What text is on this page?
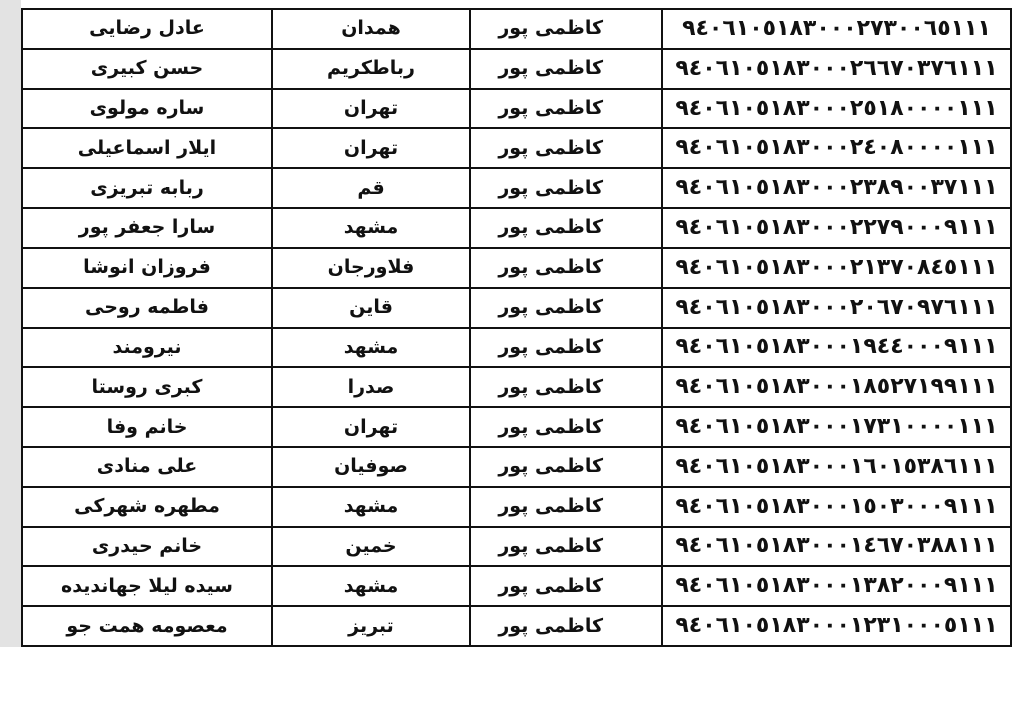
عادل رضایی	همدان	کاظمی پور	۹٤۰٦۱۰٥۱۸۳۰۰۰۲۷۳۰۰٦٥۱۱۱
حسن کبیری	رباطکریم	کاظمی پور	۹٤۰٦۱۰٥۱۸۳۰۰۰۲٦٦۷۰۳۷٦۱۱۱
ساره مولوی	تهران	کاظمی پور	۹٤۰٦۱۰٥۱۸۳۰۰۰۲٥۱۸۰۰۰۰۱۱۱
ایلار اسماعیلی	تهران	کاظمی پور	۹٤۰٦۱۰٥۱۸۳۰۰۰۲٤۰۸۰۰۰۰۱۱۱
ربابه تبریزی	قم	کاظمی پور	۹٤۰٦۱۰٥۱۸۳۰۰۰۲۳۸۹۰۰۳۷۱۱۱
سارا جعفر پور	مشهد	کاظمی پور	۹٤۰٦۱۰٥۱۸۳۰۰۰۲۲۷۹۰۰۰۹۱۱۱
فروزان انوشا	فلاورجان	کاظمی پور	۹٤۰٦۱۰٥۱۸۳۰۰۰۲۱۳۷۰۸٤٥۱۱۱
فاطمه روحی	قاین	کاظمی پور	۹٤۰٦۱۰٥۱۸۳۰۰۰۲۰٦۷۰۹۷٦۱۱۱
نیرومند	مشهد	کاظمی پور	۹٤۰٦۱۰٥۱۸۳۰۰۰۱۹٤٤۰۰۰۹۱۱۱
کبری روستا	صدرا	کاظمی پور	۹٤۰٦۱۰٥۱۸۳۰۰۰۱۸٥۲۷۱۹۹۱۱۱
خانم وفا	تهران	کاظمی پور	۹٤۰٦۱۰٥۱۸۳۰۰۰۱۷۳۱۰۰۰۰۱۱۱
علی منادی	صوفیان	کاظمی پور	۹٤۰٦۱۰٥۱۸۳۰۰۰۱٦۰۱٥۳۸٦۱۱۱
مطهره شهرکی	مشهد	کاظمی پور	۹٤۰٦۱۰٥۱۸۳۰۰۰۱٥۰۳۰۰۰۹۱۱۱
خانم حیدری	خمین	کاظمی پور	۹٤۰٦۱۰٥۱۸۳۰۰۰۱٤٦۷۰۳۸۸۱۱۱
سیده لیلا جهاندیده	مشهد	کاظمی پور	۹٤۰٦۱۰٥۱۸۳۰۰۰۱۳۸۲۰۰۰۹۱۱۱
معصومه همت جو	تبریز	کاظمی پور	۹٤۰٦۱۰٥۱۸۳۰۰۰۱۲۳۱۰۰۰٥۱۱۱
